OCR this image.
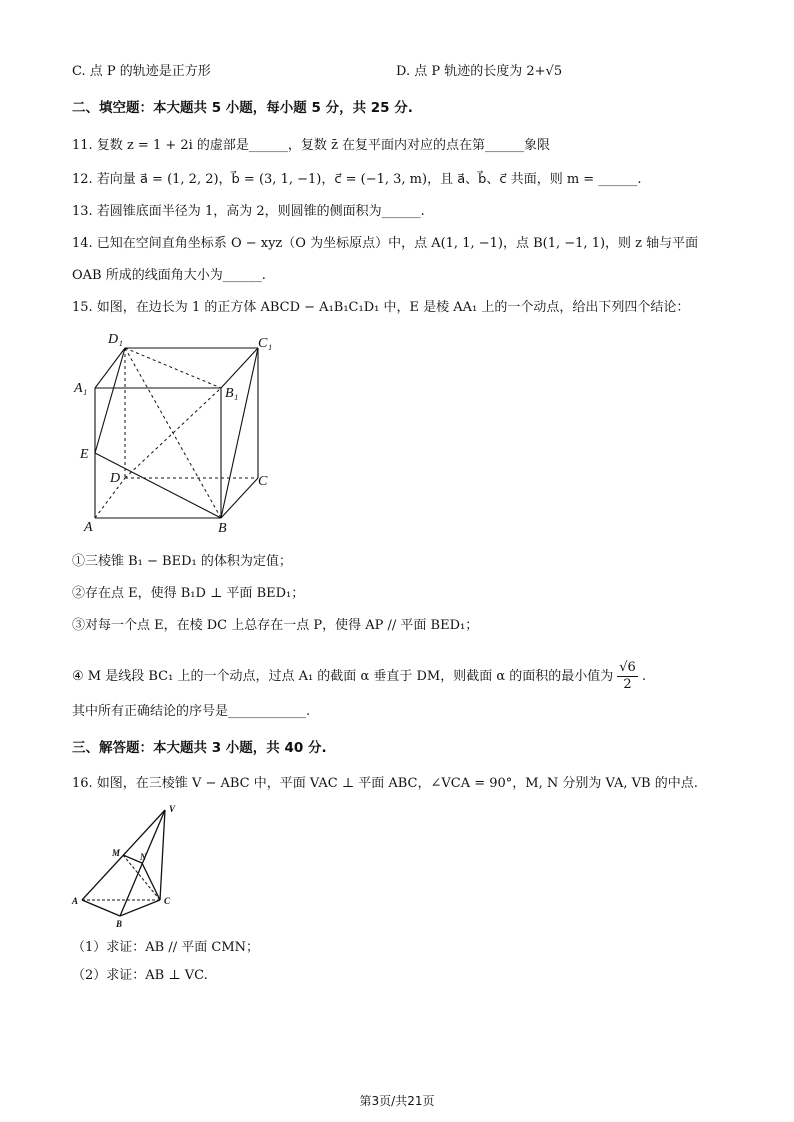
C. 点 P 的轨迹是正方形	D. 点 P 轨迹的长度为 2+√5
二、填空题：本大题共 5 小题，每小题 5 分，共 25 分.
11. 复数 z = 1 + 2i 的虚部是______，复数 z̄ 在复平面内对应的点在第______象限
12. 若向量 a⃗ = (1, 2, 2)，b⃗ = (3, 1, −1)，c⃗ = (−1, 3, m)，且 a⃗、b⃗、c⃗ 共面，则 m = ______.
13. 若圆锥底面半径为 1，高为 2，则圆锥的侧面积为______.
14. 已知在空间直角坐标系 O − xyz（O 为坐标原点）中，点 A(1, 1, −1)，点 B(1, −1, 1)，则 z 轴与平面
OAB 所成的线面角大小为______.
15. 如图，在边长为 1 的正方体 ABCD − A₁B₁C₁D₁ 中，E 是棱 AA₁ 上的一个动点，给出下列四个结论：
D₁	C₁
A₁	B₁
E
D	C
A	B
①三棱锥 B₁ − BED₁ 的体积为定值；
②存在点 E，使得 B₁D ⊥ 平面 BED₁；
③对每一个点 E，在棱 DC 上总存在一点 P，使得 AP // 平面 BED₁；
④ M 是线段 BC₁ 上的一个动点，过点 A₁ 的截面 α 垂直于 DM，则截面 α 的面积的最小值为 $\frac{√6}{2}$ .
其中所有正确结论的序号是____________.
三、解答题：本大题共 3 小题，共 40 分.
16. 如图，在三棱锥 V − ABC 中，平面 VAC ⊥ 平面 ABC，∠VCA = 90°，M, N 分别为 VA, VB 的中点.
V
M N
A	C
B
（1）求证：AB // 平面 CMN；
（2）求证：AB ⊥ VC.
第3页/共21页
